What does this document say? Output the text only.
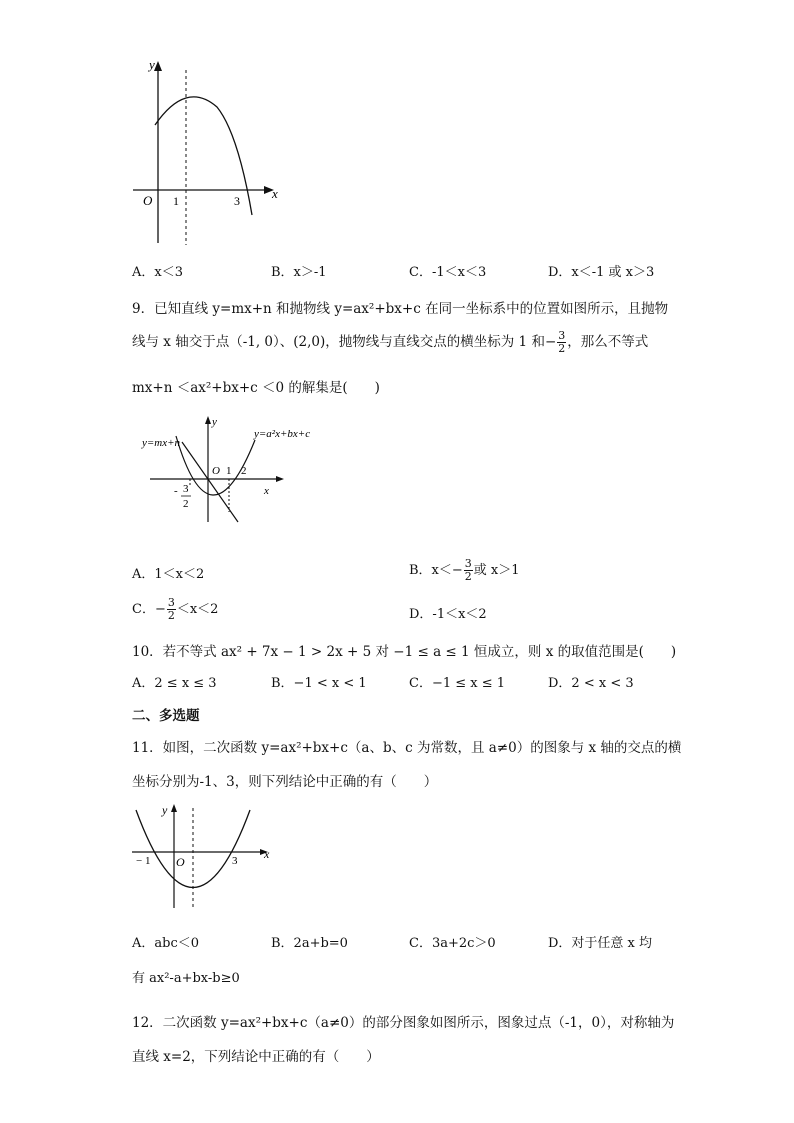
y
x
O 1	3
A．x＜3	B．x＞-1	C．-1＜x＜3	D．x＜-1 或 x＞3
9．已知直线 y=mx+n 和抛物线 y=ax²+bx+c 在同一坐标系中的位置如图所示，且抛物
线与 x 轴交于点（-1, 0）、(2,0)，抛物线与直线交点的横坐标为 1 和− $\frac{3}{2}$ ，那么不等式
mx+n ＜ax²+bx+c ＜0 的解集是(　　)
y=mx+n
y=a²x+bx+c
y
x
O 1 2
- 3
2
A．1＜x＜2	B．$x<- \frac{3}{2}$ 或 x＞1
C．− $\frac{3}{2} <x<2$	D．-1＜x＜2
10．若不等式 ax² + 7x − 1 > 2x + 5 对 −1 ≤ a ≤ 1 恒成立，则 x 的取值范围是(　　)
A．2 ≤ x ≤ 3	B．−1 < x < 1	C．−1 ≤ x ≤ 1	D．2 < x < 3
二、多选题
11．如图，二次函数 y=ax²+bx+c（a、b、c 为常数，且 a≠0）的图象与 x 轴的交点的横
坐标分别为-1、3，则下列结论中正确的有（　　）
y
x
O
− 1	3
A．abc＜0	B．2a+b=0	C．3a+2c＞0	D．对于任意 x 均
有 ax²-a+bx-b≥0
12．二次函数 y=ax²+bx+c（a≠0）的部分图象如图所示，图象过点（-1，0），对称轴为
直线 x=2，下列结论中正确的有（　　）
